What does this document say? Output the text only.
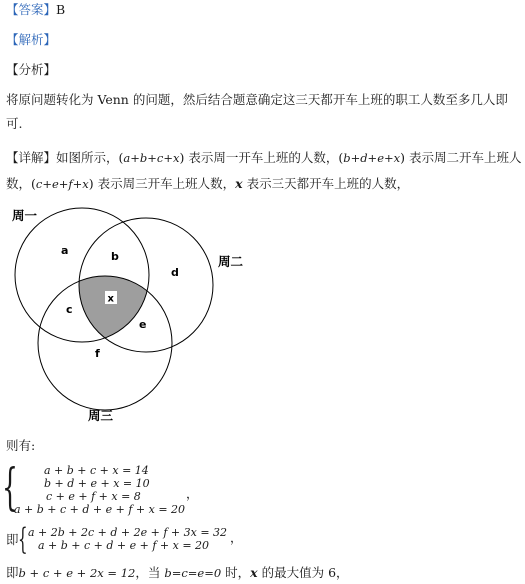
【答案】B
【解析】
【分析】
将原问题转化为 Venn 的问题，然后结合题意确定这三天都开车上班的职工人数至多几人即可.
【详解】如图所示，(a+b+c+x) 表示周一开车上班的人数，(b+d+e+x) 表示周二开车上班人
数，(c+e+f+x) 表示周三开车上班人数，x 表示三天都开车上班的人数，
周一
周二
周三
a	b
d
c
x
e
f
则有:
{ a + b + c + x = 14
b + d + e + x = 10
c + e + f + x = 8
a + b + c + d + e + f + x = 20
，
即 { a + 2b + 2c + d + 2e + f + 3x = 32
a + b + c + d + e + f + x = 20
，
即b + c + e + 2x = 12，当 b=c=e=0 时，x 的最大值为 6，
